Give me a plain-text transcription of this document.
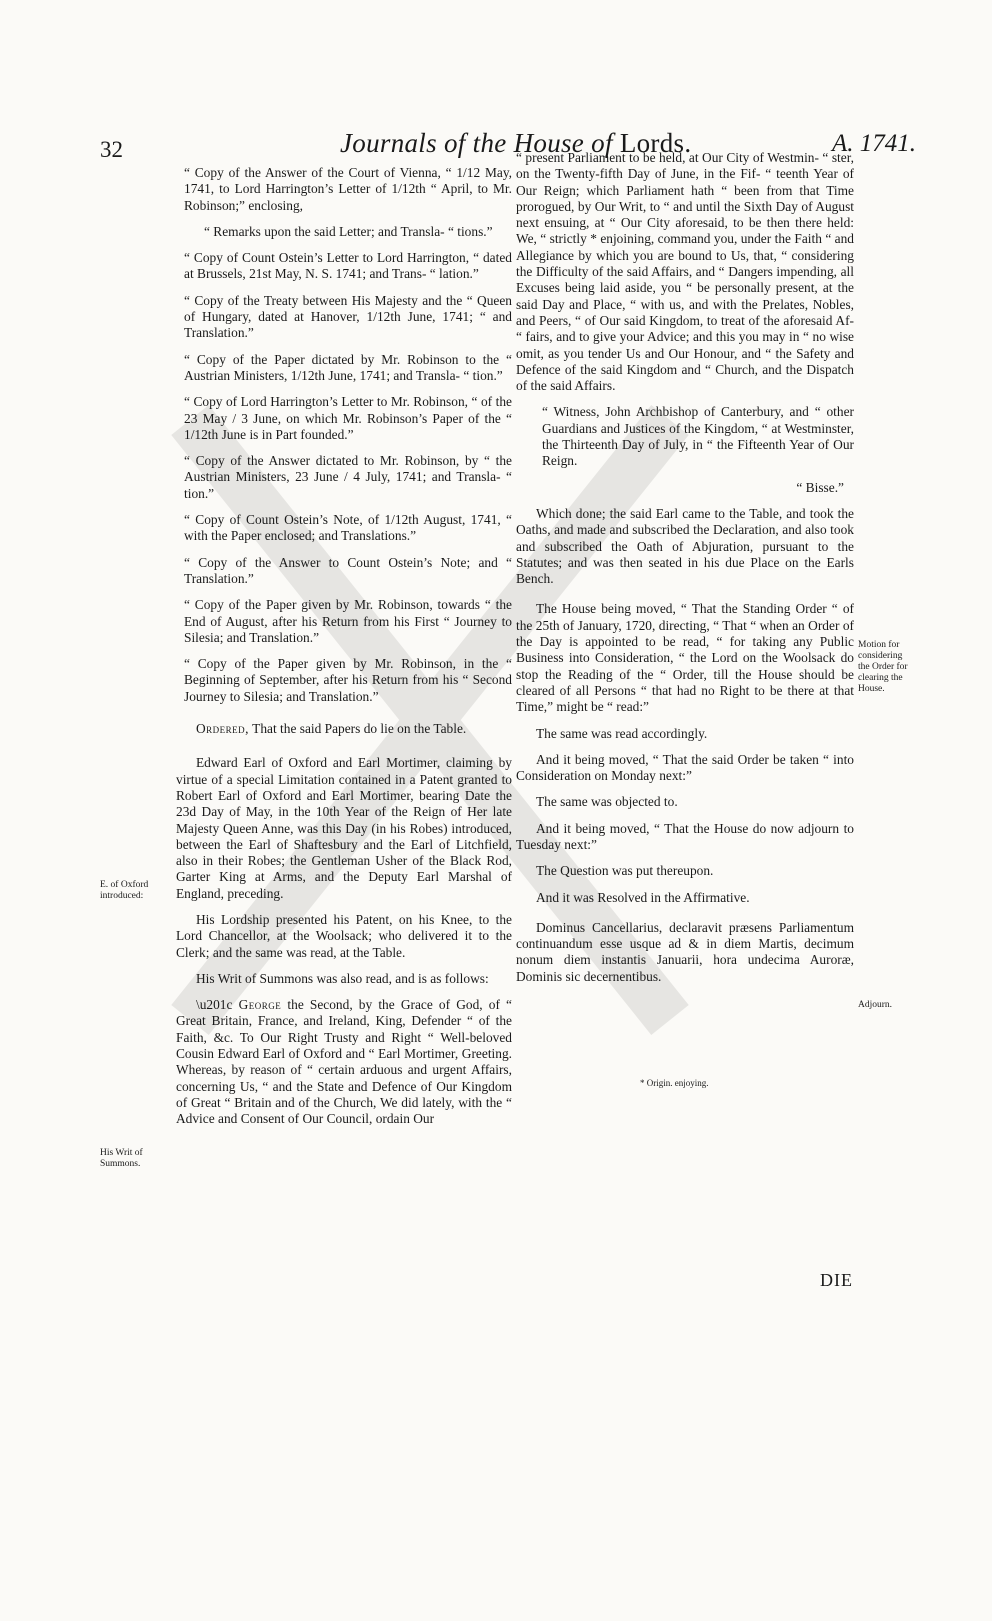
32	Journals of the House of Lords.	A. 1741.

“ Copy of the Answer of the Court of Vienna, “ 1/12 May, 1741, to Lord Harrington’s Letter of 1/12th “ April, to Mr. Robinson;” enclosing,

“ Remarks upon the said Letter; and Transla- “ tions.”

“ Copy of Count Ostein’s Letter to Lord Harrington, “ dated at Brussels, 21st May, N. S. 1741; and Trans- “ lation.”

“ Copy of the Treaty between His Majesty and the “ Queen of Hungary, dated at Hanover, 1/12th June, 1741; “ and Translation.”

“ Copy of the Paper dictated by Mr. Robinson to the “ Austrian Ministers, 1/12th June, 1741; and Transla- “ tion.”

“ Copy of Lord Harrington’s Letter to Mr. Robinson, “ of the 23 May / 3 June, on which Mr. Robinson’s Paper of the “ 1/12th June is in Part founded.”

“ Copy of the Answer dictated to Mr. Robinson, by “ the Austrian Ministers, 23 June / 4 July, 1741; and Transla- “ tion.”

“ Copy of Count Ostein’s Note, of 1/12th August, 1741, “ with the Paper enclosed; and Translations.”

“ Copy of the Answer to Count Ostein’s Note; and “ Translation.”

“ Copy of the Paper given by Mr. Robinson, towards “ the End of August, after his Return from his First “ Journey to Silesia; and Translation.”

“ Copy of the Paper given by Mr. Robinson, in the “ Beginning of September, after his Return from his “ Second Journey to Silesia; and Translation.”

Ordered, That the said Papers do lie on the Table.

Edward Earl of Oxford and Earl Mortimer, claiming by virtue of a special Limitation contained in a Patent granted to Robert Earl of Oxford and Earl Mortimer, bearing Date the 23d Day of May, in the 10th Year of the Reign of Her late Majesty Queen Anne, was this Day (in his Robes) introduced, between the Earl of Shaftesbury and the Earl of Litchfield, also in their Robes; the Gentleman Usher of the Black Rod, Garter King at Arms, and the Deputy Earl Marshal of England, preceding.

His Lordship presented his Patent, on his Knee, to the Lord Chancellor, at the Woolsack; who delivered it to the Clerk; and the same was read, at the Table.

His Writ of Summons was also read, and is as follows:

\u201c George the Second, by the Grace of God, of “ Great Britain, France, and Ireland, King, Defender “ of the Faith, &c. To Our Right Trusty and Right “ Well-beloved Cousin Edward Earl of Oxford and “ Earl Mortimer, Greeting. Whereas, by reason of “ certain arduous and urgent Affairs, concerning Us, “ and the State and Defence of Our Kingdom of Great “ Britain and of the Church, We did lately, with the “ Advice and Consent of Our Council, ordain Our

“ present Parliament to be held, at Our City of Westmin- “ ster, on the Twenty-fifth Day of June, in the Fif- “ teenth Year of Our Reign; which Parliament hath “ been from that Time prorogued, by Our Writ, to “ and until the Sixth Day of August next ensuing, at “ Our City aforesaid, to be then there held: We, “ strictly * enjoining, command you, under the Faith “ and Allegiance by which you are bound to Us, that, “ considering the Difficulty of the said Affairs, and “ Dangers impending, all Excuses being laid aside, you “ be personally present, at the said Day and Place, “ with us, and with the Prelates, Nobles, and Peers, “ of Our said Kingdom, to treat of the aforesaid Af- “ fairs, and to give your Advice; and this you may in “ no wise omit, as you tender Us and Our Honour, and “ the Safety and Defence of the said Kingdom and “ Church, and the Dispatch of the said Affairs.

“ Witness, John Archbishop of Canterbury, and “ other Guardians and Justices of the Kingdom, “ at Westminster, the Thirteenth Day of July, in “ the Fifteenth Year of Our Reign.

“ Bisse.”

Which done; the said Earl came to the Table, and took the Oaths, and made and subscribed the Declaration, and also took and subscribed the Oath of Abjuration, pursuant to the Statutes; and was then seated in his due Place on the Earls Bench.

The House being moved, “ That the Standing Order “ of the 25th of January, 1720, directing, “ That “ when an Order of the Day is appointed to be read, “ for taking any Public Business into Consideration, “ the Lord on the Woolsack do stop the Reading of the “ Order, till the House should be cleared of all Persons “ that had no Right to be there at that Time,” might be “ read:”

The same was read accordingly.

And it being moved, “ That the said Order be taken “ into Consideration on Monday next:”

The same was objected to.

And it being moved, “ That the House do now adjourn to Tuesday next:”

The Question was put thereupon.

And it was Resolved in the Affirmative.

Dominus Cancellarius, declaravit præsens Parliamentum continuandum esse usque ad & in diem Martis, decimum nonum diem instantis Januarii, hora undecima Auroræ, Dominis sic decernentibus.

E. of Oxford
introduced:
His Writ of
Summons.
Motion for
considering
the Order for
clearing the
House.
Adjourn.
* Origin. enjoying.
DIE
